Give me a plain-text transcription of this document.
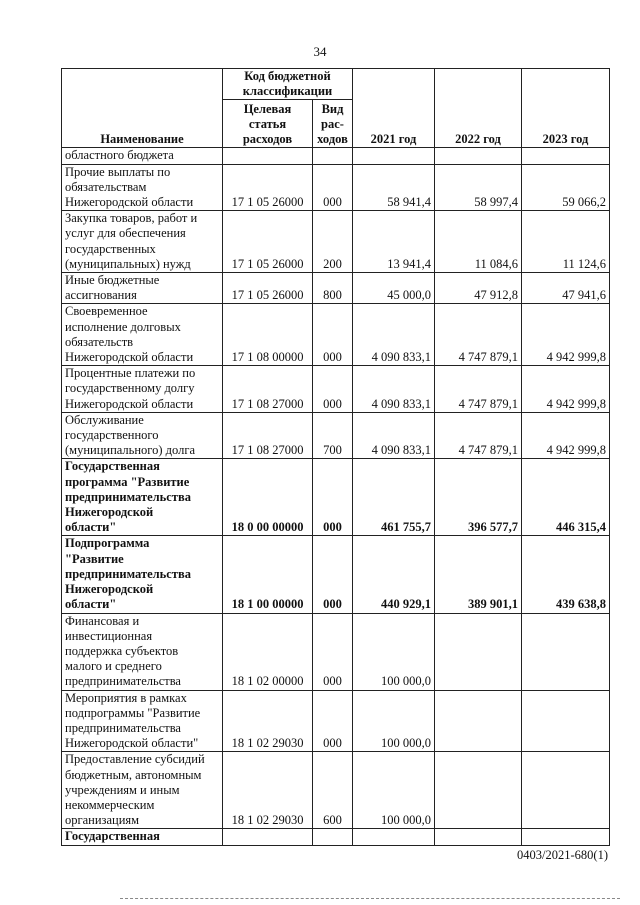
34
Наименование	Код бюджетной классификации		2021 год	2022 год	2023 год
	Целевая статья расходов	Вид рас-ходов			
областного бюджета					
Прочие выплаты по
обязательствам
Нижегородской области	17 1 05 26000	000	58 941,4	58 997,4	59 066,2
Закупка товаров, работ и
услуг для обеспечения
государственных
(муниципальных) нужд	17 1 05 26000	200	13 941,4	11 084,6	11 124,6
Иные бюджетные
ассигнования	17 1 05 26000	800	45 000,0	47 912,8	47 941,6
Своевременное
исполнение долговых
обязательств
Нижегородской области	17 1 08 00000	000	4 090 833,1	4 747 879,1	4 942 999,8
Процентные платежи по
государственному долгу
Нижегородской области	17 1 08 27000	000	4 090 833,1	4 747 879,1	4 942 999,8
Обслуживание
государственного
(муниципального) долга	17 1 08 27000	700	4 090 833,1	4 747 879,1	4 942 999,8
Государственная
программа "Развитие
предпринимательства
Нижегородской
области"	18 0 00 00000	000	461 755,7	396 577,7	446 315,4
Подпрограмма
"Развитие
предпринимательства
Нижегородской
области"	18 1 00 00000	000	440 929,1	389 901,1	439 638,8
Финансовая и
инвестиционная
поддержка субъектов
малого и среднего
предпринимательства	18 1 02 00000	000	100 000,0		
Мероприятия в рамках
подпрограммы "Развитие
предпринимательства
Нижегородской области"	18 1 02 29030	000	100 000,0		
Предоставление субсидий
бюджетным, автономным
учреждениям и иным
некоммерческим
организациям	18 1 02 29030	600	100 000,0		
Государственная					
0403/2021-680(1)
